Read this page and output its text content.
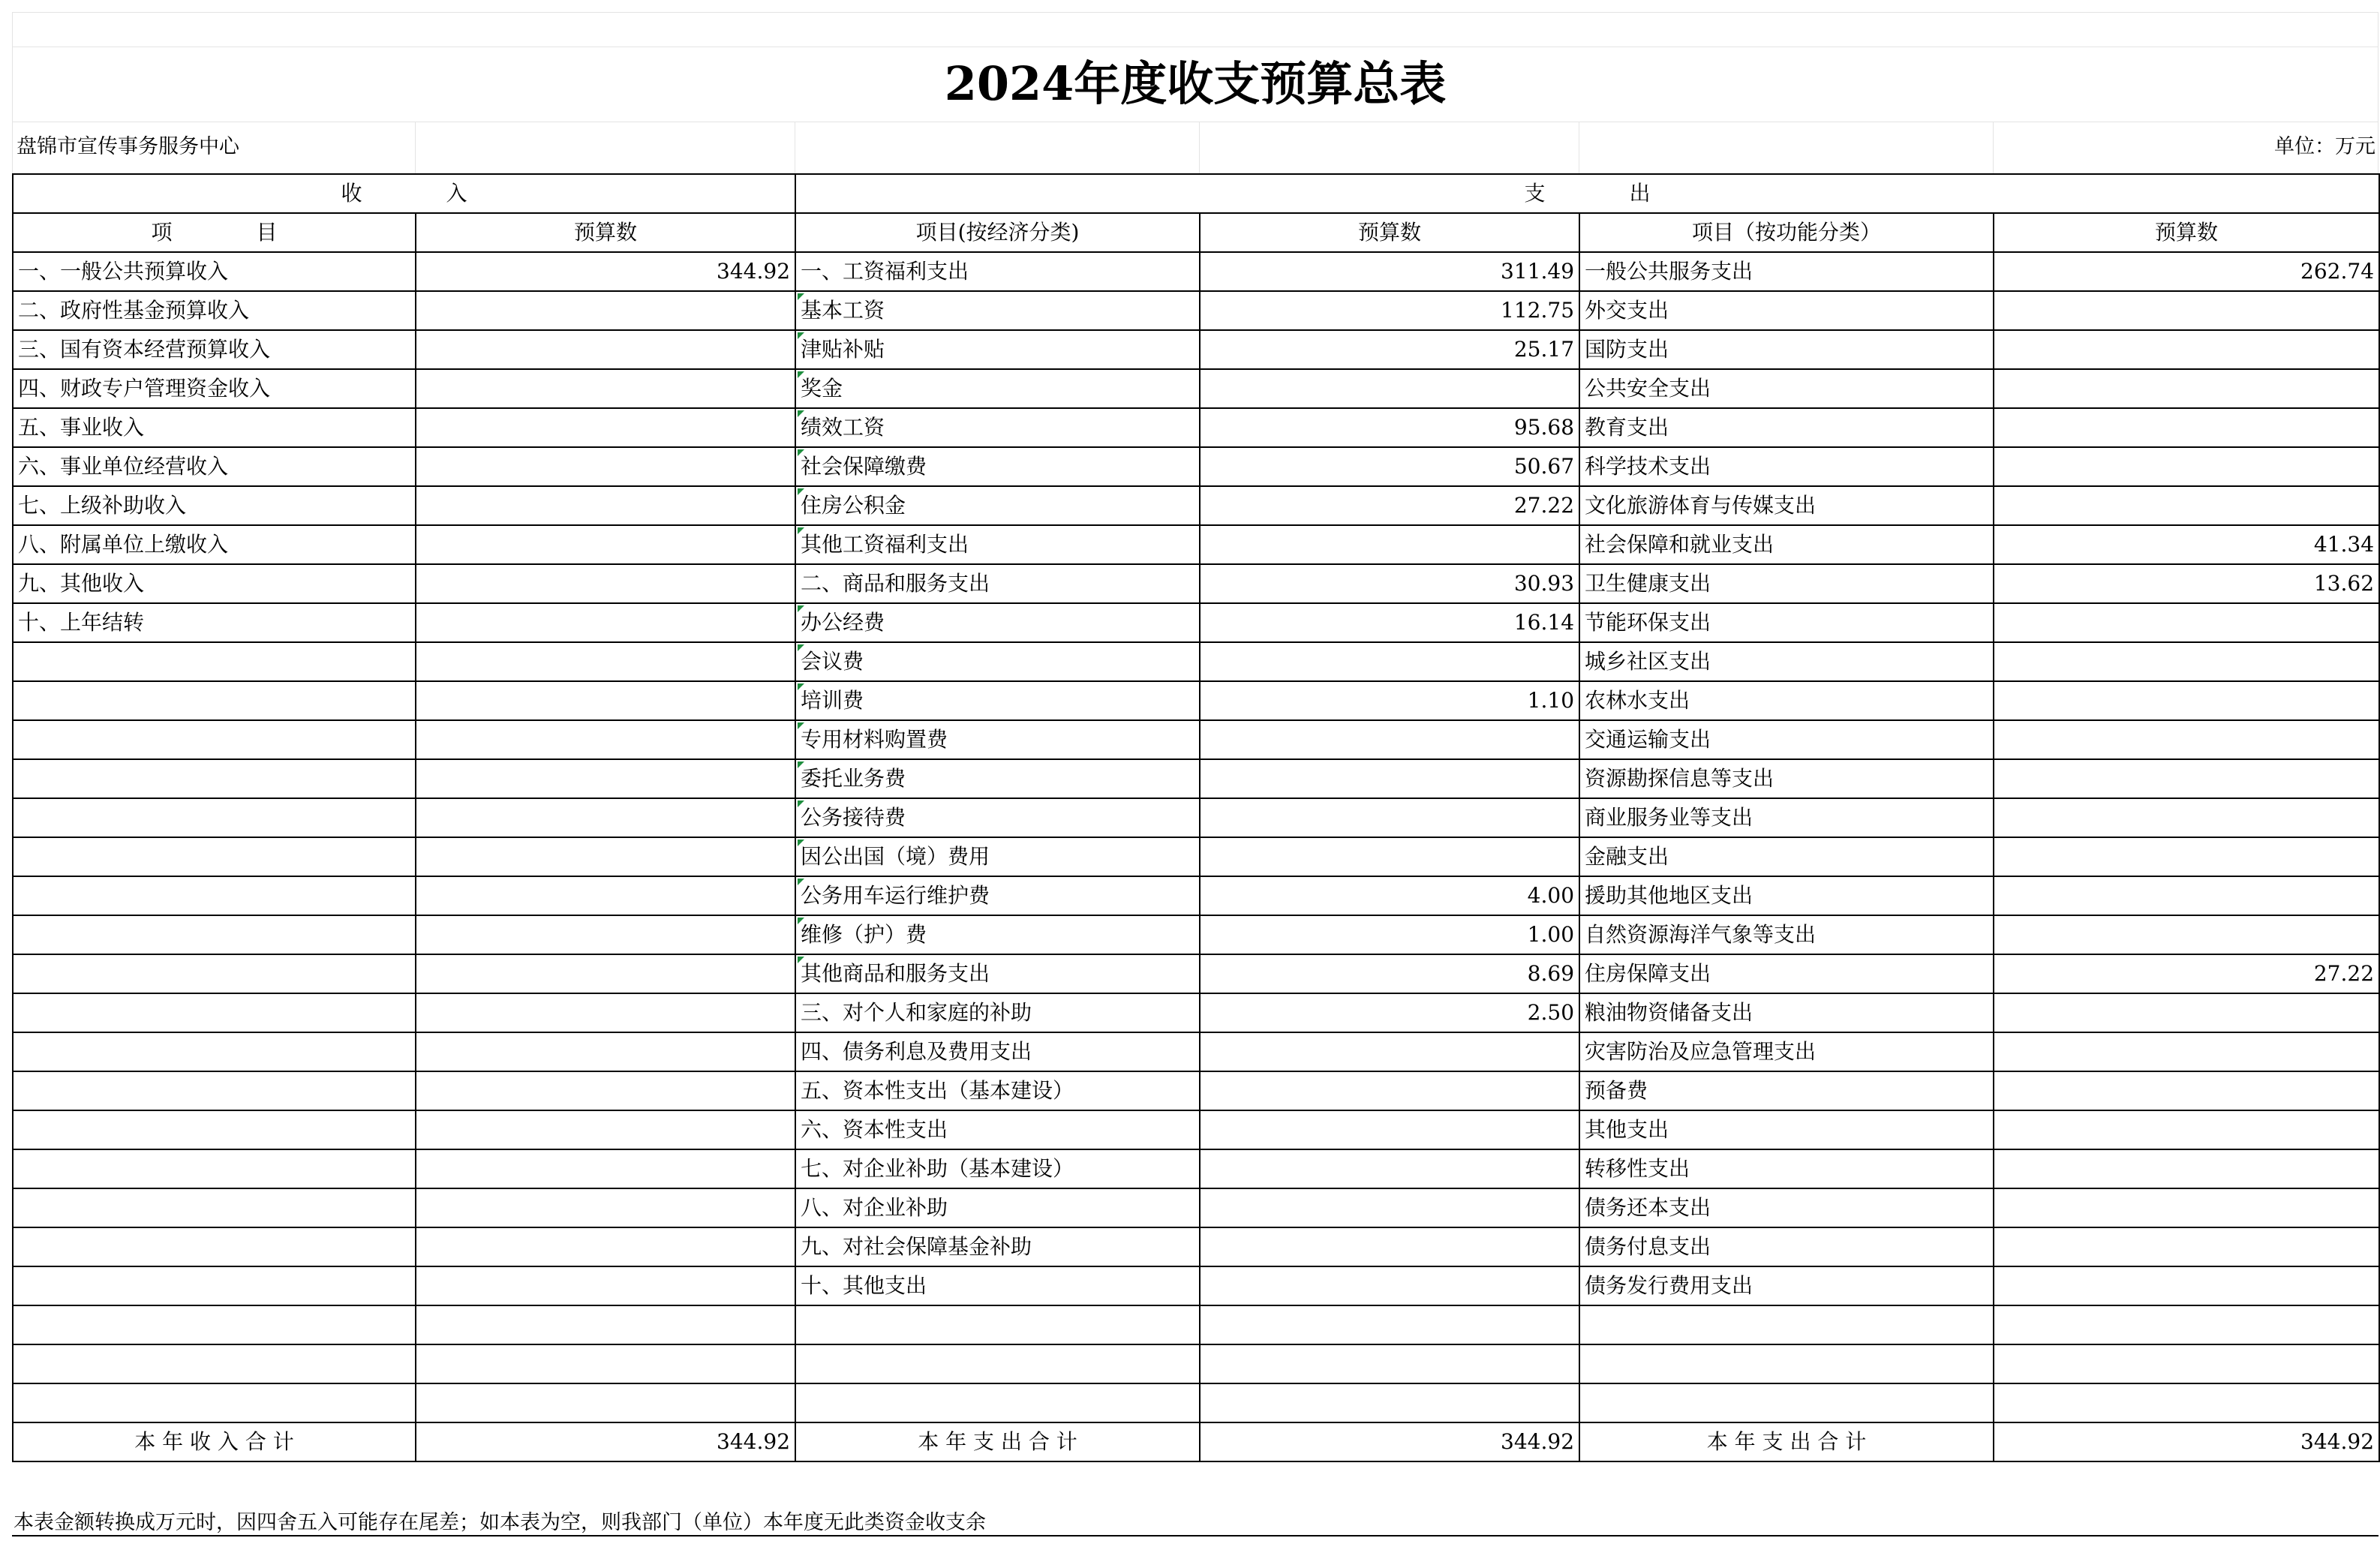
2024年度收支预算总表
盘锦市宣传事务服务中心	单位：万元
收　　　　入		支　　　　出			
项　　　　目	预算数	项目(按经济分类)	预算数	项目（按功能分类）	预算数
一、一般公共预算收入	344.92	一、工资福利支出	311.49	一般公共服务支出	262.74
二、政府性基金预算收入		基本工资	112.75	外交支出	
三、国有资本经营预算收入		津贴补贴	25.17	国防支出	
四、财政专户管理资金收入		奖金		公共安全支出	
五、事业收入		绩效工资	95.68	教育支出	
六、事业单位经营收入		社会保障缴费	50.67	科学技术支出	
七、上级补助收入		住房公积金	27.22	文化旅游体育与传媒支出	
八、附属单位上缴收入		其他工资福利支出		社会保障和就业支出	41.34
九、其他收入		二、商品和服务支出	30.93	卫生健康支出	13.62
十、上年结转		办公经费	16.14	节能环保支出	
		会议费		城乡社区支出	
		培训费	1.10	农林水支出	
		专用材料购置费		交通运输支出	
		委托业务费		资源勘探信息等支出	
		公务接待费		商业服务业等支出	
		因公出国（境）费用		金融支出	
		公务用车运行维护费	4.00	援助其他地区支出	
		维修（护）费	1.00	自然资源海洋气象等支出	
		其他商品和服务支出	8.69	住房保障支出	27.22
		三、对个人和家庭的补助	2.50	粮油物资储备支出	
		四、债务利息及费用支出		灾害防治及应急管理支出	
		五、资本性支出（基本建设）		预备费	
		六、资本性支出		其他支出	
		七、对企业补助（基本建设）		转移性支出	
		八、对企业补助		债务还本支出	
		九、对社会保障基金补助		债务付息支出	
		十、其他支出		债务发行费用支出	

本 年 收 入 合 计	344.92	本 年 支 出 合 计	344.92	本 年 支 出 合 计	344.92
本表金额转换成万元时，因四舍五入可能存在尾差；如本表为空，则我部门（单位）本年度无此类资金收支余
